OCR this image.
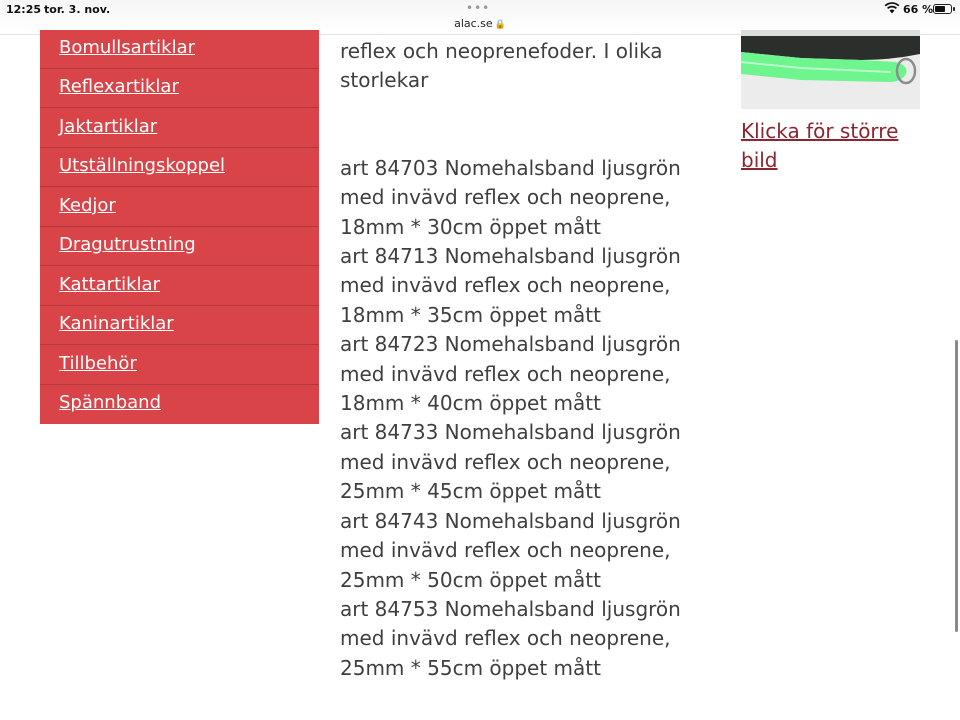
12:25 tor. 3. nov.	•••
alac.se 🔒
66 %
Bomullsartiklar
Reflexartiklar
Jaktartiklar
Utställningskoppel
Kedjor
Dragutrustning
Kattartiklar
Kaninartiklar
Tillbehör
Spännband

reflex och neoprenefoder. I olika storlekar

art 84703 Nomehalsband ljusgrön med invävd reflex och neoprene, 18mm * 30cm öppet mått

art 84713 Nomehalsband ljusgrön med invävd reflex och neoprene, 18mm * 35cm öppet mått

art 84723 Nomehalsband ljusgrön med invävd reflex och neoprene, 18mm * 40cm öppet mått

art 84733 Nomehalsband ljusgrön med invävd reflex och neoprene, 25mm * 45cm öppet mått

art 84743 Nomehalsband ljusgrön med invävd reflex och neoprene, 25mm * 50cm öppet mått

art 84753 Nomehalsband ljusgrön med invävd reflex och neoprene, 25mm * 55cm öppet mått

Klicka för större bild
